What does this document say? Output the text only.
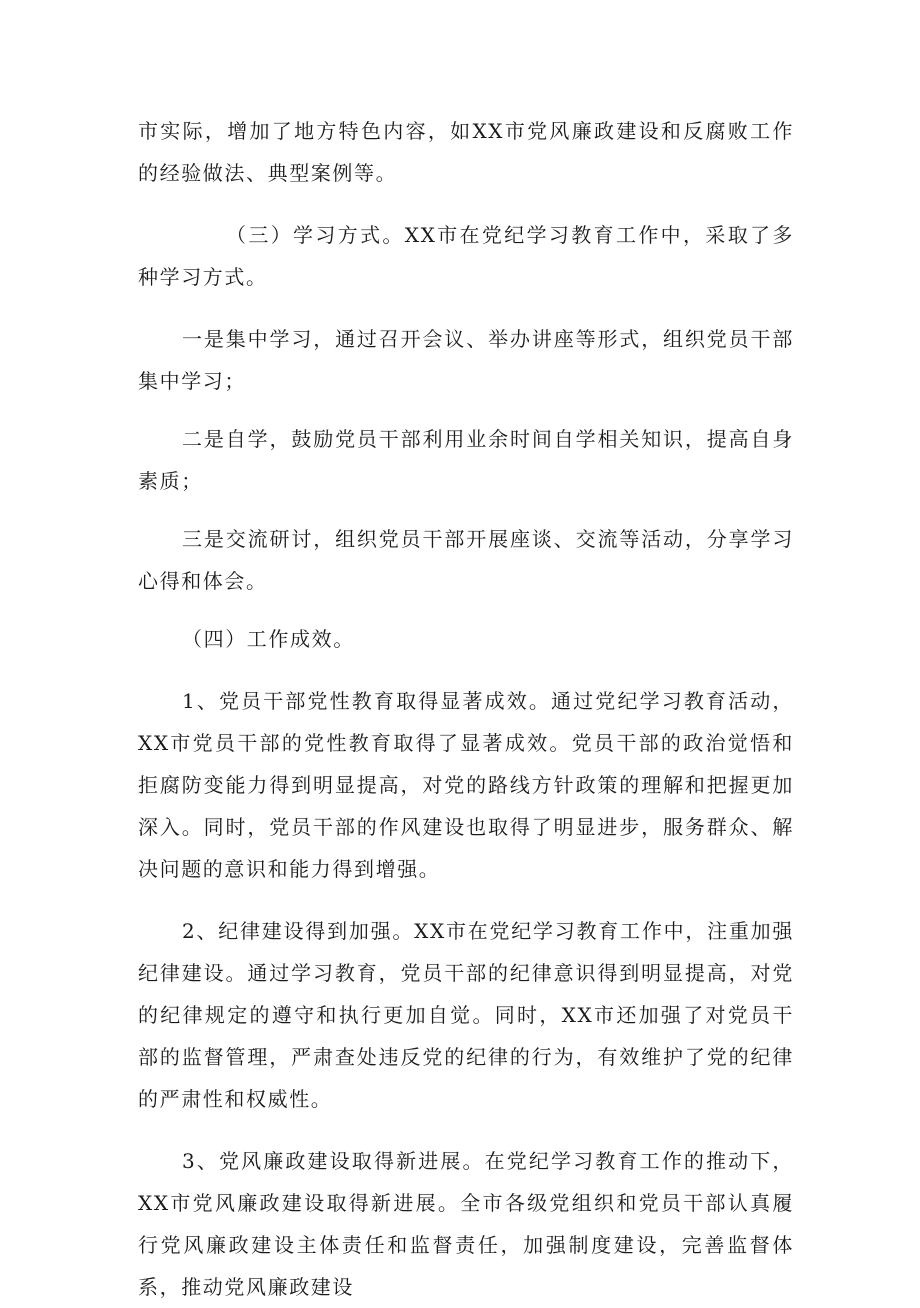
市实际，增加了地方特色内容，如XX市党风廉政建设和反腐败工作的经验做法、典型案例等。

（三）学习方式。XX市在党纪学习教育工作中，采取了多种学习方式。

一是集中学习，通过召开会议、举办讲座等形式，组织党员干部集中学习；

二是自学，鼓励党员干部利用业余时间自学相关知识，提高自身素质；

三是交流研讨，组织党员干部开展座谈、交流等活动，分享学习心得和体会。

（四）工作成效。

1、党员干部党性教育取得显著成效。通过党纪学习教育活动，XX市党员干部的党性教育取得了显著成效。党员干部的政治觉悟和拒腐防变能力得到明显提高，对党的路线方针政策的理解和把握更加深入。同时，党员干部的作风建设也取得了明显进步，服务群众、解决问题的意识和能力得到增强。

2、纪律建设得到加强。XX市在党纪学习教育工作中，注重加强纪律建设。通过学习教育，党员干部的纪律意识得到明显提高，对党的纪律规定的遵守和执行更加自觉。同时，XX市还加强了对党员干部的监督管理，严肃查处违反党的纪律的行为，有效维护了党的纪律的严肃性和权威性。

3、党风廉政建设取得新进展。在党纪学习教育工作的推动下，XX市党风廉政建设取得新进展。全市各级党组织和党员干部认真履行党风廉政建设主体责任和监督责任，加强制度建设，完善监督体系，推动党风廉政建设
